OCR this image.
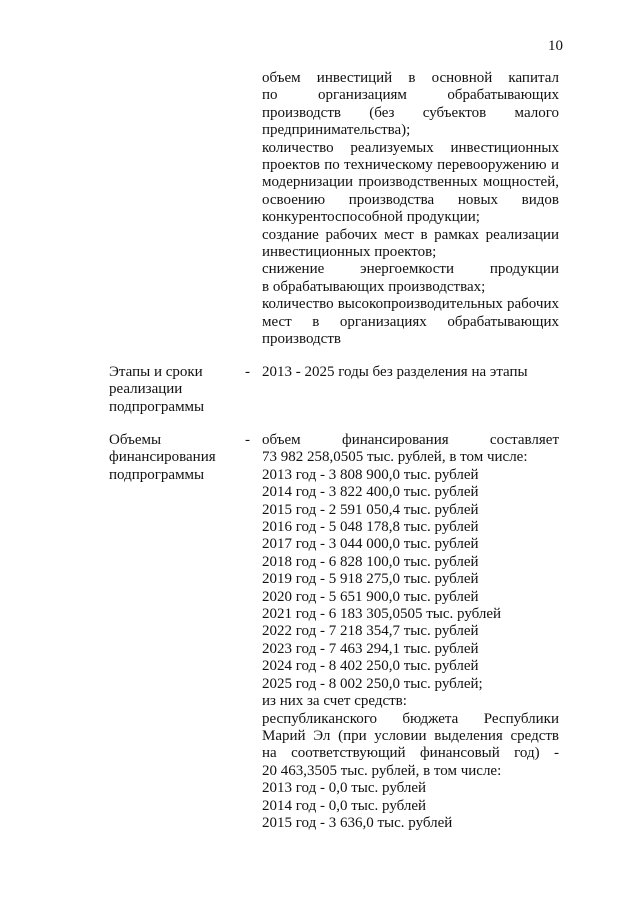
10
объем инвестиций в основной капитал
по организациям обрабатывающих
производств (без субъектов малого
предпринимательства);
количество реализуемых инвестиционных
проектов по техническому перевооружению и
модернизации производственных мощностей,
освоению производства новых видов
конкурентоспособной продукции;
создание рабочих мест в рамках реализации
инвестиционных проектов;
снижение энергоемкости продукции
в обрабатывающих производствах;
количество высокопроизводительных рабочих
мест в организациях обрабатывающих
производств
Этапы и сроки
реализации
подпрограммы
- 2013 - 2025 годы без разделения на этапы
Объемы
финансирования
подпрограммы
- объем финансирования составляет
73 982 258,0505 тыс. рублей, в том числе:
2013 год - 3 808 900,0 тыс. рублей
2014 год - 3 822 400,0 тыс. рублей
2015 год - 2 591 050,4 тыс. рублей
2016 год - 5 048 178,8 тыс. рублей
2017 год - 3 044 000,0 тыс. рублей
2018 год - 6 828 100,0 тыс. рублей
2019 год - 5 918 275,0 тыс. рублей
2020 год - 5 651 900,0 тыс. рублей
2021 год - 6 183 305,0505 тыс. рублей
2022 год - 7 218 354,7 тыс. рублей
2023 год - 7 463 294,1 тыс. рублей
2024 год - 8 402 250,0 тыс. рублей
2025 год - 8 002 250,0 тыс. рублей;
из них за счет средств:
республиканского бюджета Республики
Марий Эл (при условии выделения средств
на соответствующий финансовый год) -
20 463,3505 тыс. рублей, в том числе:
2013 год - 0,0 тыс. рублей
2014 год - 0,0 тыс. рублей
2015 год - 3 636,0 тыс. рублей
